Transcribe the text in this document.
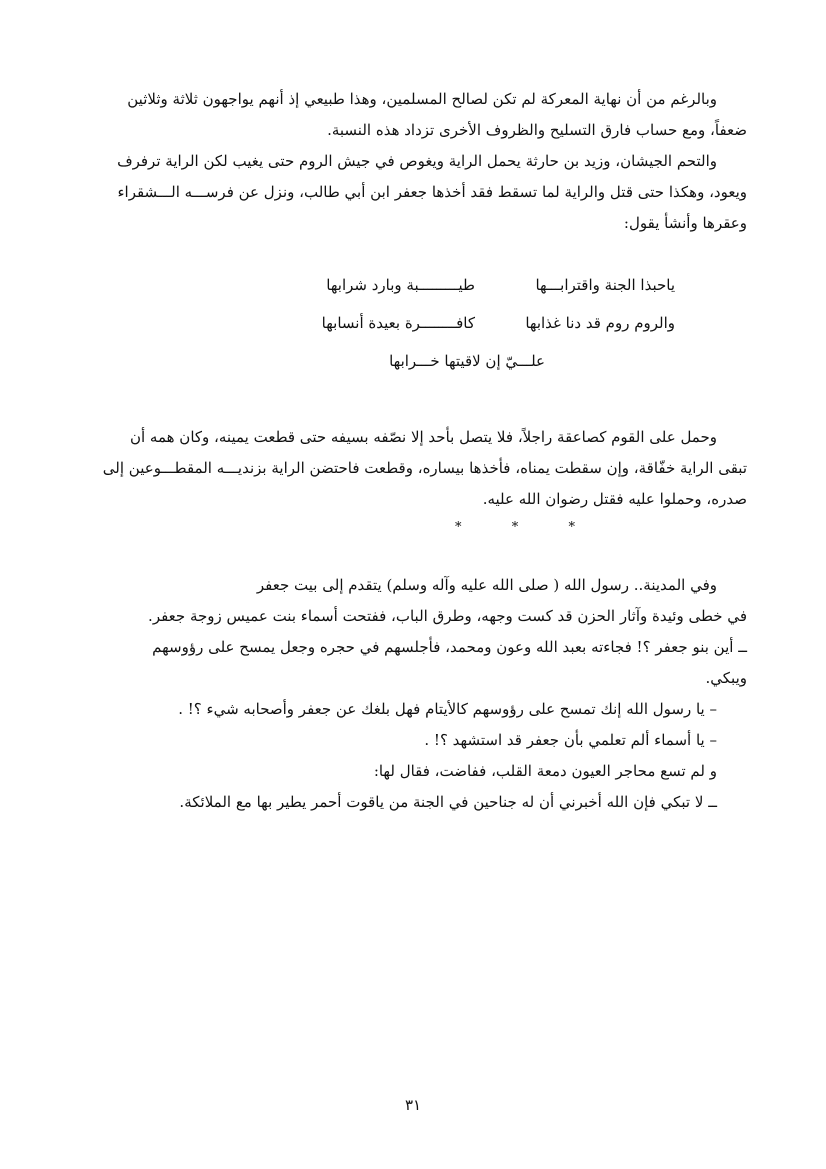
وبالرغم من أن نهاية المعركة لم تكن لصالح المسلمين، وهذا طبيعي إذ أنهم يواجهون ثلاثة وثلاثين

ضعفاً، ومع حساب فارق التسليح والظروف الأخرى تزداد هذه النسبة.

والتحم الجيشان، وزيد بن حارثة يحمل الراية ويغوص في جيش الروم حتى يغيب لكن الراية ترفرف

ويعود، وهكذا حتى قتل والراية لما تسقط فقد أخذها جعفر ابن أبي طالب، ونزل عن فرســـه الـــشقراء

وعقرها وأنشأ يقول:

ياحبذا الجنة واقترابـــها
طيـــــــــبة وبارد شرابها
والروم روم قد دنا غذابها
كافــــــــرة بعيدة أنسابها
علـــيّ إن لاقيتها خـــرابها

وحمل على القوم كصاعقة راجلاً، فلا يتصل بأحد إلا نصّفه بسيفه حتى قطعت يمينه، وكان همه أن

تبقى الراية خفّاقة، وإن سقطت يمناه، فأخذها بيساره، وقطعت فاحتضن الراية بزنديـــه المقطـــوعين إلى

صدره، وحملوا عليه فقتل رضوان الله عليه.

*	*	*

وفي المدينة.. رسول الله ( صلى الله عليه وآله وسلم) يتقدم إلى بيت جعفر

في خطى وئيدة وآثار الحزن قد كست وجهه، وطرق الباب، ففتحت أسماء بنت عميس زوجة جعفر.

ــ أين بنو جعفر ؟! فجاءته بعبد الله وعون ومحمد، فأجلسهم في حجره وجعل يمسح على رؤوسهم

ويبكي.

– يا رسول الله إنك تمسح على رؤوسهم كالأيتام فهل بلغك عن جعفر وأصحابه شيء ؟! .

– يا أسماء ألم تعلمي بأن جعفر قد استشهد ؟! .

و لم تسع محاجر العيون دمعة القلب، ففاضت، فقال لها:

ــ لا تبكي فإن الله أخبرني أن له جناحين في الجنة من ياقوت أحمر يطير بها مع الملائكة.

٣١
